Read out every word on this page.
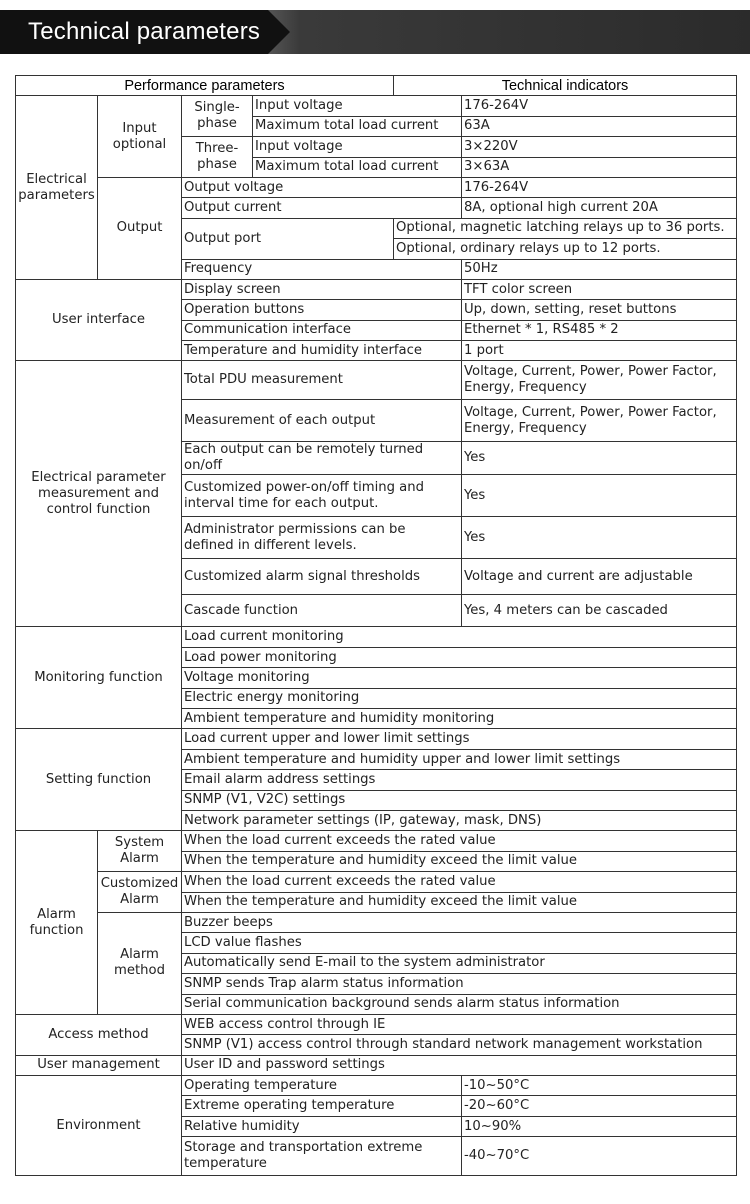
Technical parameters
Performance parameters				Technical indicators	
Electrical parameters	Input optional	Single-phase	Input voltage		176-264V
			Maximum total load current		63A
		Three-phase	Input voltage		3×220V
			Maximum total load current		3×63A
	Output	Output voltage			176-264V
		Output current			8A, optional high current 20A
		Output port		Optional, magnetic latching relays up to 36 ports.	
				Optional, ordinary relays up to 12 ports.	
		Frequency			50Hz

User interface		Display screen			TFT color screen
		Operation buttons			Up, down, setting, reset buttons
		Communication interface			Ethernet * 1, RS485 * 2
		Temperature and humidity interface			1 port
Electrical parameter measurement and control function		Total PDU measurement			Voltage, Current, Power, Power Factor, Energy, Frequency
		Measurement of each output			Voltage, Current, Power, Power Factor, Energy, Frequency
		Each output can be remotely turned on/off			Yes
		Customized power-on/off timing and interval time for each output.			Yes
		Administrator permissions can be defined in different levels.			Yes
		Customized alarm signal thresholds			Voltage and current are adjustable
		Cascade function			Yes, 4 meters can be cascaded
Monitoring function		Load current monitoring			
		Load power monitoring			
		Voltage monitoring			
		Electric energy monitoring			
		Ambient temperature and humidity monitoring			
Setting function		Load current upper and lower limit settings			
		Ambient temperature and humidity upper and lower limit settings			
		Email alarm address settings			
		SNMP (V1, V2C) settings			
		Network parameter settings (IP, gateway, mask, DNS)			
Alarm function	System Alarm	When the load current exceeds the rated value			
		When the temperature and humidity exceed the limit value			
	Customized Alarm	When the load current exceeds the rated value			
		When the temperature and humidity exceed the limit value			
	Alarm method	Buzzer beeps			
		LCD value flashes			
		Automatically send E-mail to the system administrator			
		SNMP sends Trap alarm status information			
		Serial communication background sends alarm status information			
Access method		WEB access control through IE			
		SNMP (V1) access control through standard network management workstation			
User management		User ID and password settings			
Environment		Operating temperature			-10~50°C
		Extreme operating temperature			-20~60°C
		Relative humidity			10~90%
		Storage and transportation extreme temperature			-40~70°C
